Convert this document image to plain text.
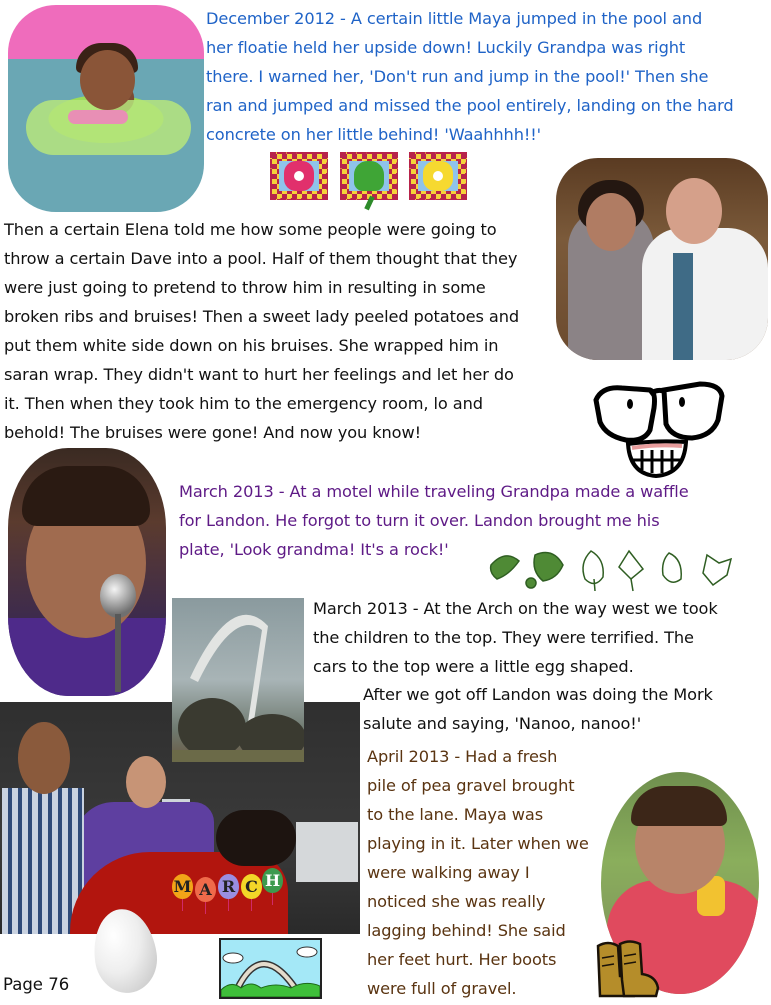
December 2012 - A certain little Maya jumped in the pool and
her floatie held her upside down! Luckily Grandpa was right
there. I warned her, 'Don't run and jump in the pool!' Then she
ran and jumped and missed the pool entirely, landing on the hard
concrete on her little behind! 'Waahhhh!!'
Then a certain Elena told me how some people were going to
throw a certain Dave into a pool. Half of them thought that they
were just going to pretend to throw him in resulting in some
broken ribs and bruises! Then a sweet lady peeled potatoes and
put them white side down on his bruises. She wrapped him in
saran wrap. They didn't want to hurt her feelings and let her do
it. Then when they took him to the emergency room, lo and
behold! The bruises were gone! And now you know!
March 2013 - At a motel while traveling Grandpa made a waffle
for Landon. He forgot to turn it over. Landon brought me his
plate, 'Look grandma! It's a rock!'
March 2013 - At the Arch on the way west we took
the children to the top. They were terrified. The
cars to the top were a little egg shaped.
After we got off Landon was doing the Mork
salute and saying, 'Nanoo, nanoo!'
M A R C H
April 2013 - Had a fresh
pile of pea gravel brought
to the lane. Maya was
playing in it. Later when we
were walking away I
noticed she was really
lagging behind! She said
her feet hurt. Her boots
were full of gravel.
Page 76
